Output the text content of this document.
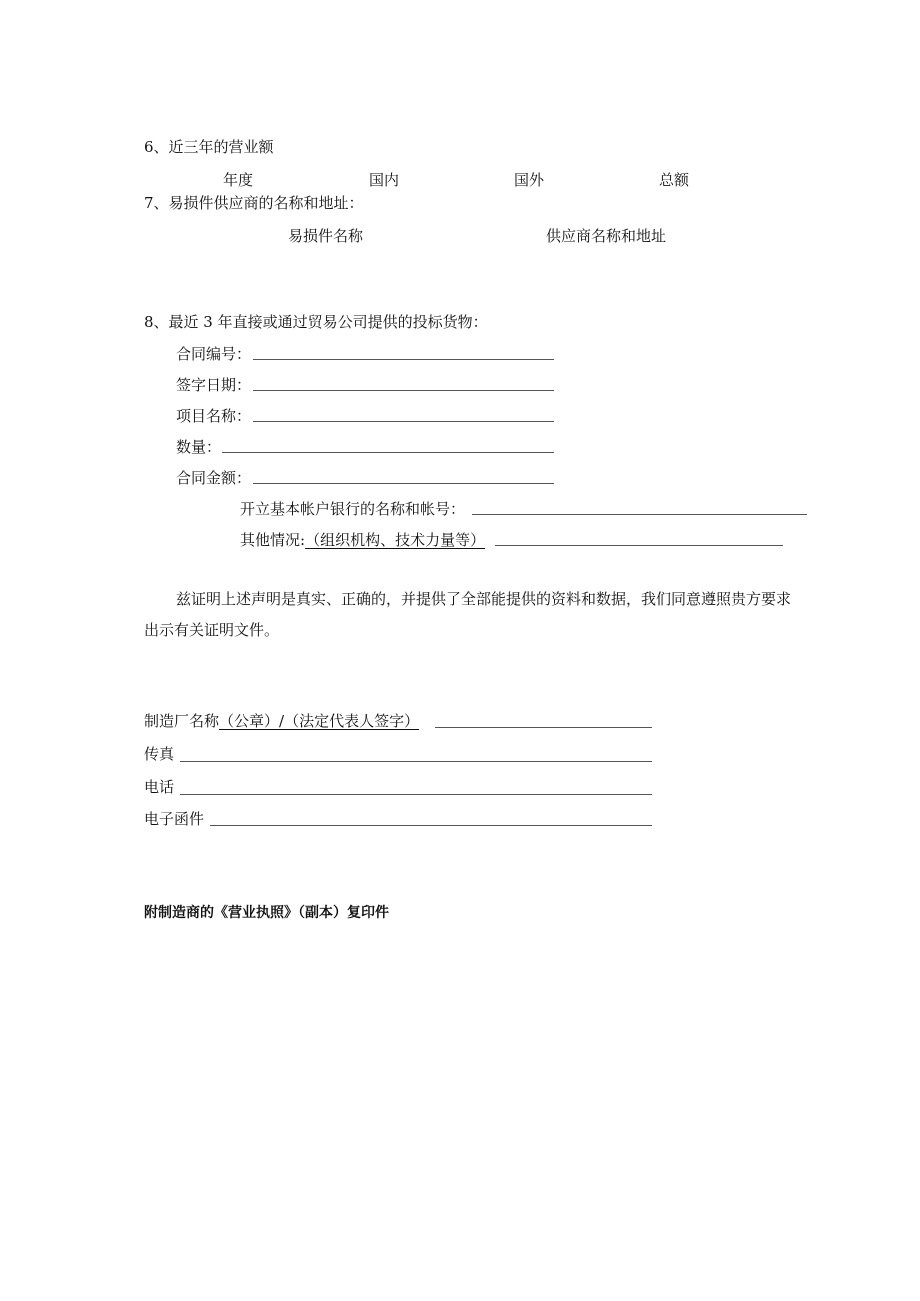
6、近三年的营业额
年度	国内	国外	总额
7、易损件供应商的名称和地址：
易损件名称	供应商名称和地址
8、最近 3 年直接或通过贸易公司提供的投标货物：
合同编号：
签字日期：
项目名称：
数量：
合同金额：
开立基本帐户银行的名称和帐号：
其他情况:（组织机构、技术力量等）
兹证明上述声明是真实、正确的，并提供了全部能提供的资料和数据，我们同意遵照贵方要求
出示有关证明文件。
制造厂名称（公章）/（法定代表人签字）
传真
电话
电子函件
附制造商的《营业执照》（副本）复印件
